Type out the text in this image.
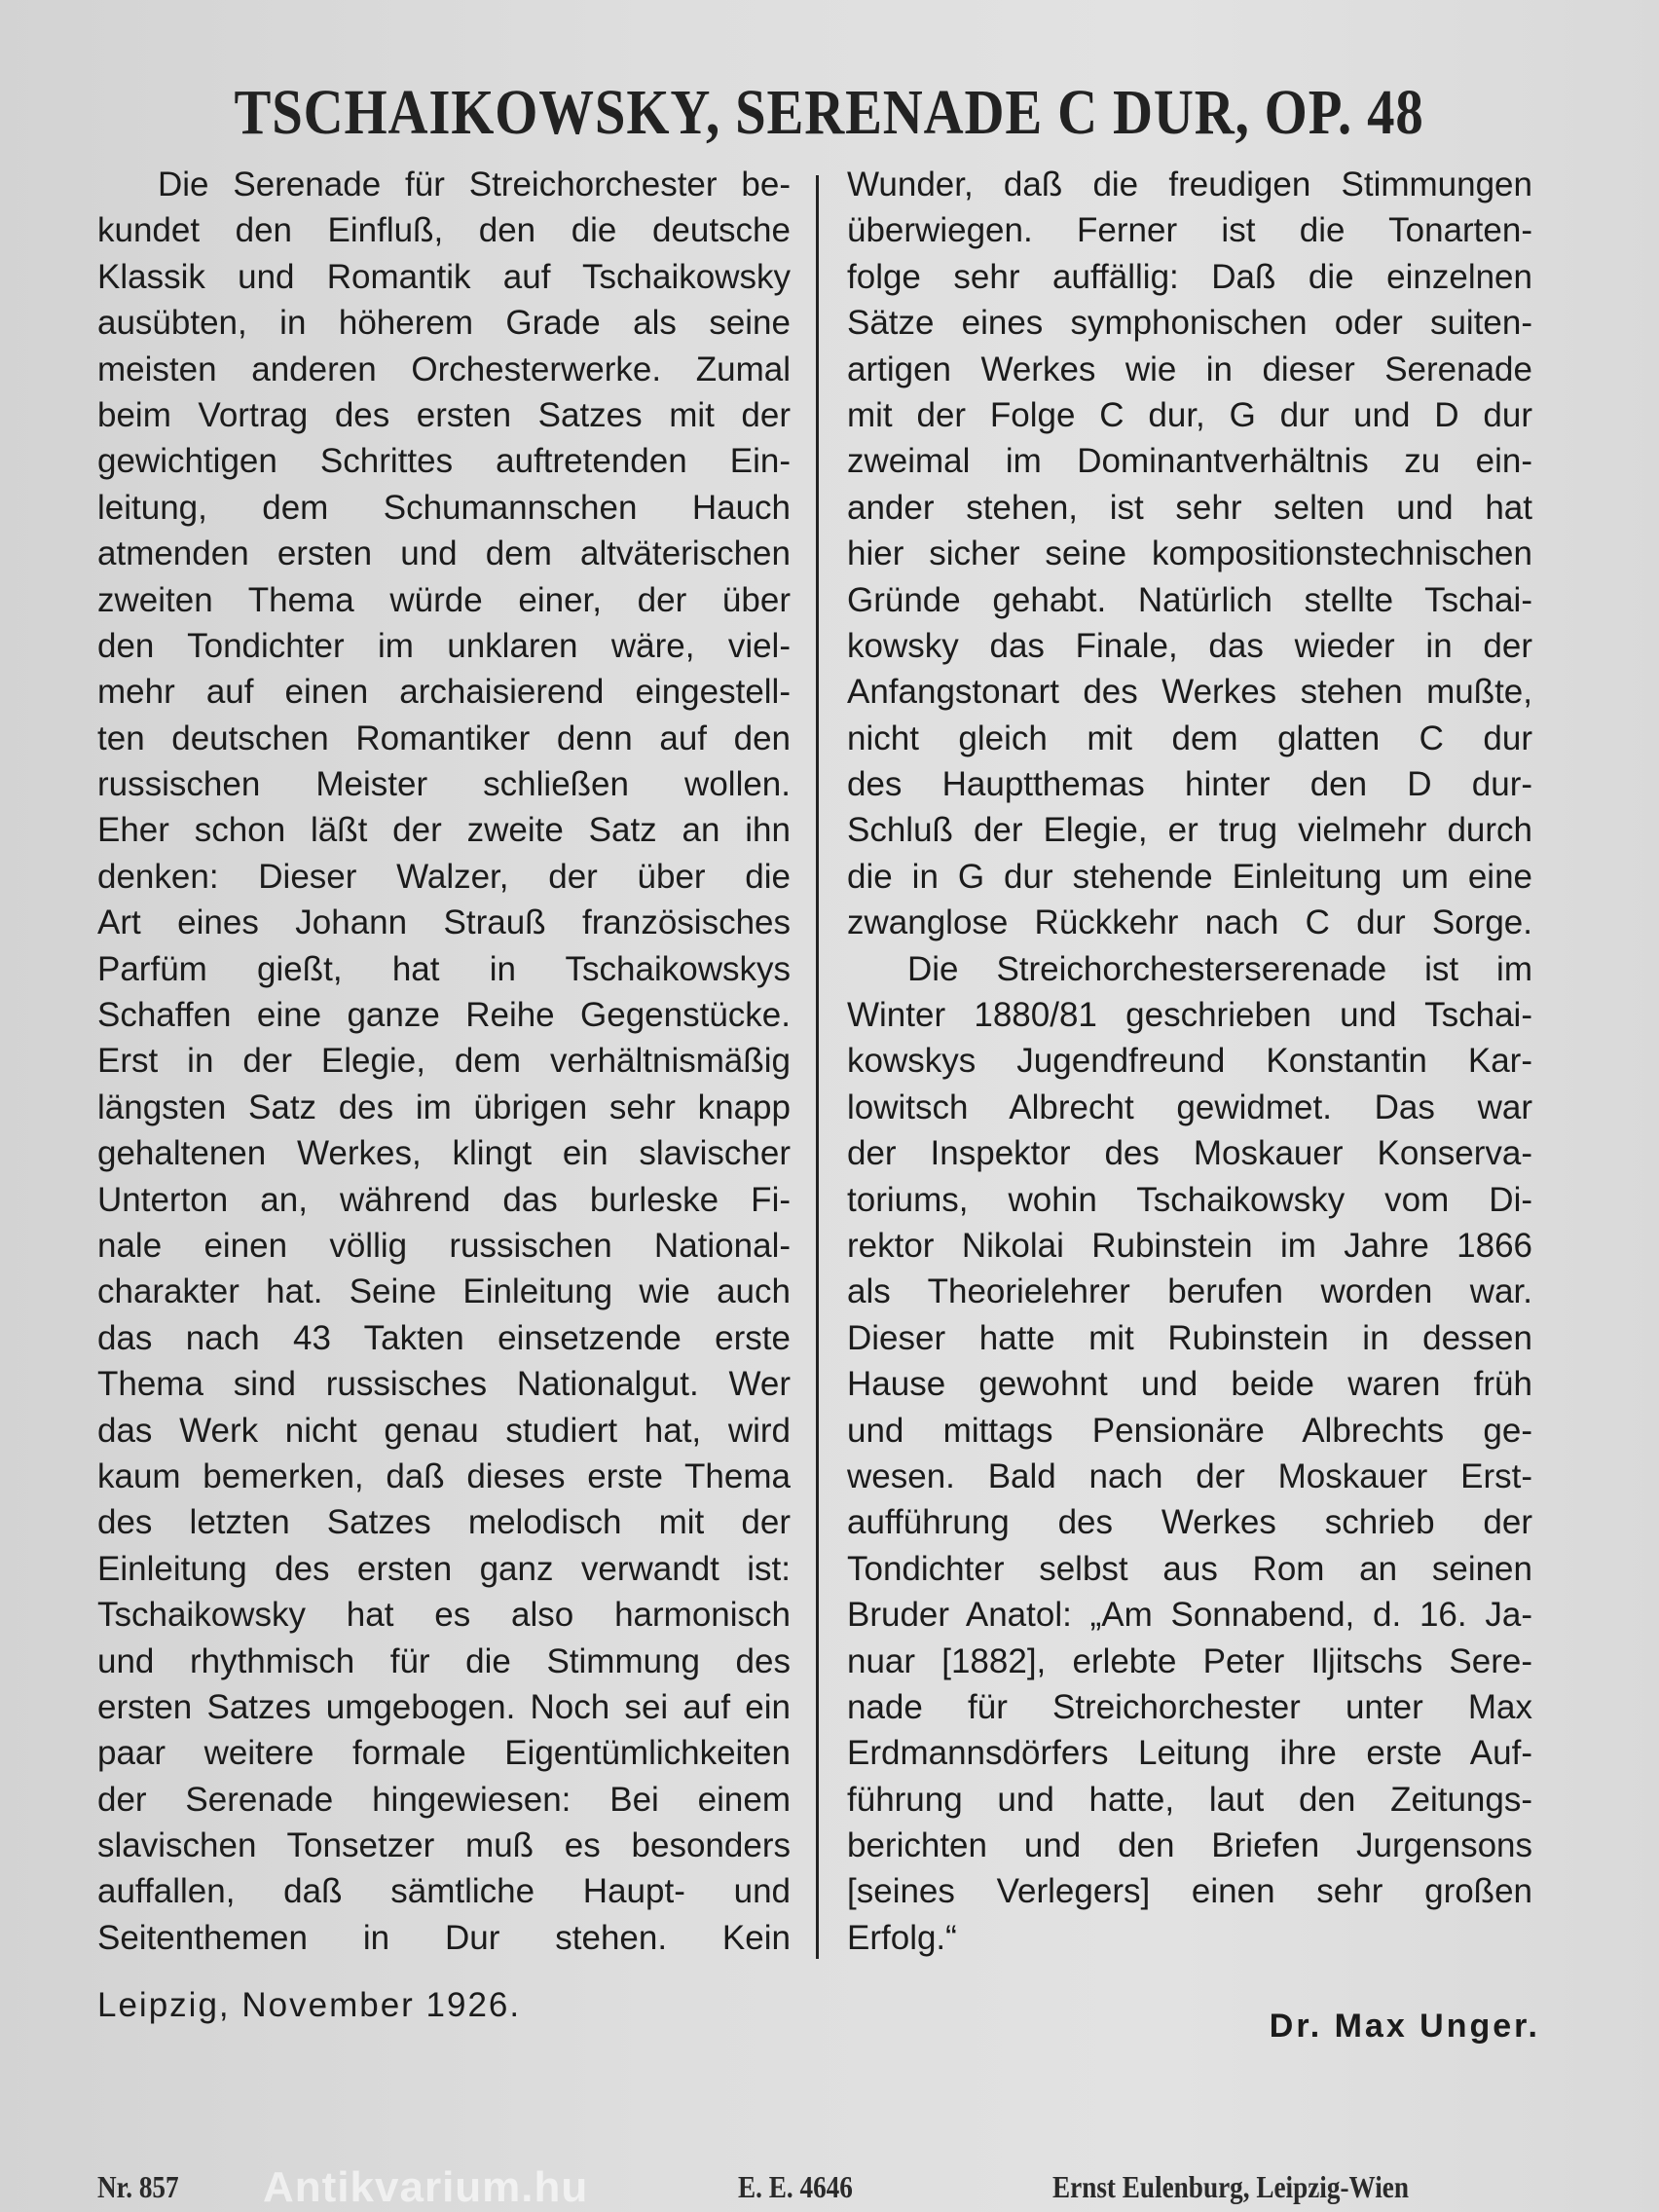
TSCHAIKOWSKY, SERENADE C DUR, OP. 48
Die Serenade für Streichorchester be-
kundet den Einfluß, den die deutsche
Klassik und Romantik auf Tschaikowsky
ausübten, in höherem Grade als seine
meisten anderen Orchesterwerke. Zumal
beim Vortrag des ersten Satzes mit der
gewichtigen Schrittes auftretenden Ein-
leitung, dem Schumannschen Hauch
atmenden ersten und dem altväterischen
zweiten Thema würde einer, der über
den Tondichter im unklaren wäre, viel-
mehr auf einen archaisierend eingestell-
ten deutschen Romantiker denn auf den
russischen Meister schließen wollen.
Eher schon läßt der zweite Satz an ihn
denken: Dieser Walzer, der über die
Art eines Johann Strauß französisches
Parfüm gießt, hat in Tschaikowskys
Schaffen eine ganze Reihe Gegenstücke.
Erst in der Elegie, dem verhältnismäßig
längsten Satz des im übrigen sehr knapp
gehaltenen Werkes, klingt ein slavischer
Unterton an, während das burleske Fi-
nale einen völlig russischen National-
charakter hat. Seine Einleitung wie auch
das nach 43 Takten einsetzende erste
Thema sind russisches Nationalgut. Wer
das Werk nicht genau studiert hat, wird
kaum bemerken, daß dieses erste Thema
des letzten Satzes melodisch mit der
Einleitung des ersten ganz verwandt ist:
Tschaikowsky hat es also harmonisch
und rhythmisch für die Stimmung des
ersten Satzes umgebogen. Noch sei auf ein
paar weitere formale Eigentümlichkeiten
der Serenade hingewiesen: Bei einem
slavischen Tonsetzer muß es besonders
auffallen, daß sämtliche Haupt- und
Seitenthemen in Dur stehen. Kein
Wunder, daß die freudigen Stimmungen
überwiegen. Ferner ist die Tonarten-
folge sehr auffällig: Daß die einzelnen
Sätze eines symphonischen oder suiten-
artigen Werkes wie in dieser Serenade
mit der Folge C dur, G dur und D dur
zweimal im Dominantverhältnis zu ein-
ander stehen, ist sehr selten und hat
hier sicher seine kompositionstechnischen
Gründe gehabt. Natürlich stellte Tschai-
kowsky das Finale, das wieder in der
Anfangstonart des Werkes stehen mußte,
nicht gleich mit dem glatten C dur
des Hauptthemas hinter den D dur-
Schluß der Elegie, er trug vielmehr durch
die in G dur stehende Einleitung um eine
zwanglose Rückkehr nach C dur Sorge.
Die Streichorchesterserenade ist im
Winter 1880/81 geschrieben und Tschai-
kowskys Jugendfreund Konstantin Kar-
lowitsch Albrecht gewidmet. Das war
der Inspektor des Moskauer Konserva-
toriums, wohin Tschaikowsky vom Di-
rektor Nikolai Rubinstein im Jahre 1866
als Theorielehrer berufen worden war.
Dieser hatte mit Rubinstein in dessen
Hause gewohnt und beide waren früh
und mittags Pensionäre Albrechts ge-
wesen. Bald nach der Moskauer Erst-
aufführung des Werkes schrieb der
Tondichter selbst aus Rom an seinen
Bruder Anatol: „Am Sonnabend, d. 16. Ja-
nuar [1882], erlebte Peter Iljitschs Sere-
nade für Streichorchester unter Max
Erdmannsdörfers Leitung ihre erste Auf-
führung und hatte, laut den Zeitungs-
berichten und den Briefen Jurgensons
[seines Verlegers] einen sehr großen
Erfolg.“
Leipzig, November 1926.
Dr. Max Unger.
Antikvarium.hu
Nr. 857	E. E. 4646	Ernst Eulenburg, Leipzig-Wien
